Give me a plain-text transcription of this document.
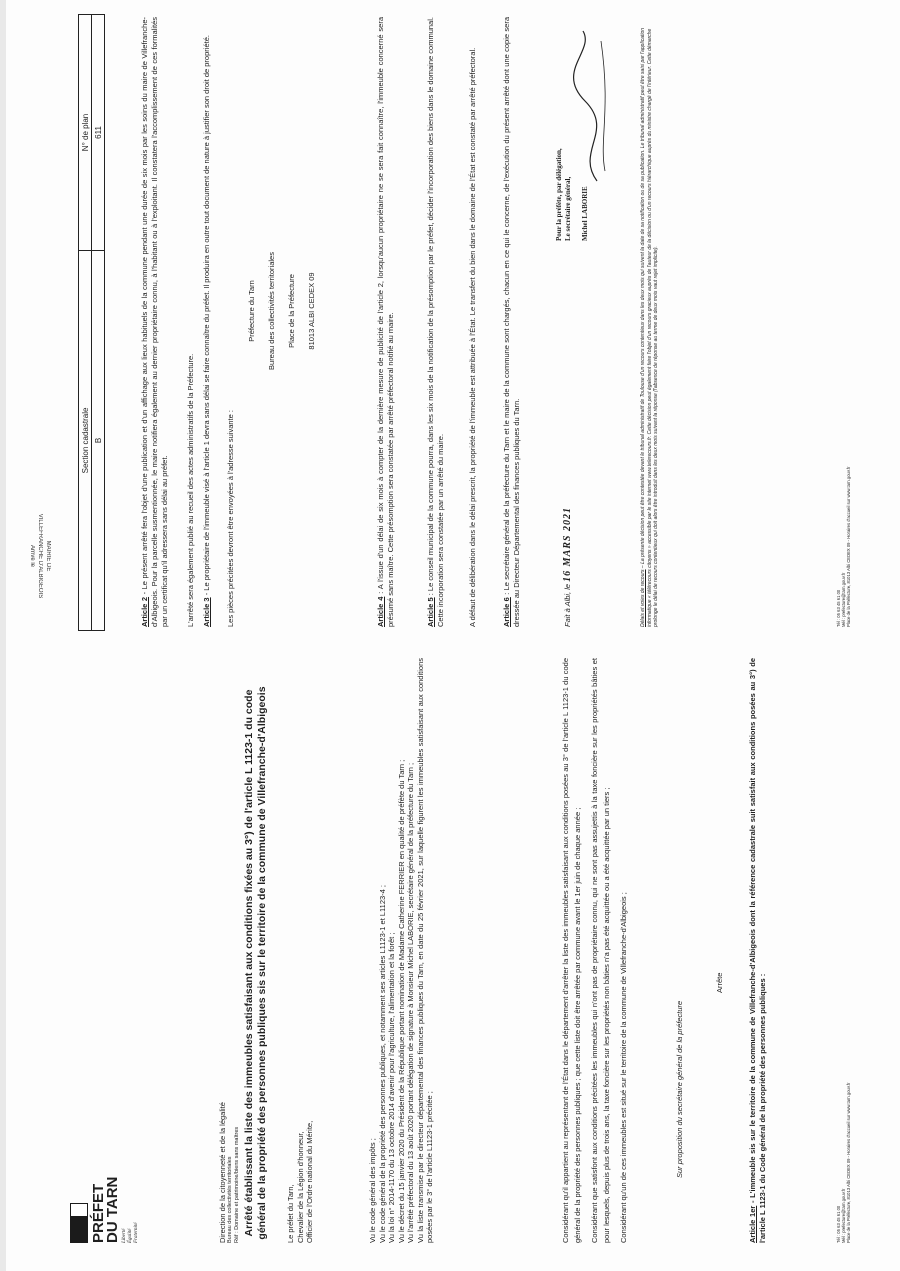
PRÉFET
DU TARN Liberté Égalité Fraternité	Direction de la citoyenneté et de la légalité Bureau des collectivités territoriales Réf : Domaine et patrimoine/biens sans maîtres Arrêté établissant la liste des immeubles satisfaisant aux conditions fixées au 3°) de l'article L 1123-1 du code général de la propriété des personnes publiques sis sur le territoire de la commune de Villefranche-d'Albigeois Le préfet du Tarn, Chevalier de la Légion d'honneur, Officier de l'Ordre national du Mérite,	Vu le code général des impôts ; Vu le code général de la propriété des personnes publiques, et notamment ses articles L1123-1 et L1123-4 ; Vu la loi n° 2014-1170 du 13 octobre 2014 d'avenir pour l'agriculture, l'alimentation et la forêt ; Vu le décret du 15 janvier 2020 du Président de la République portant nomination de Madame Catherine FERRIER en qualité de préfète du Tarn ; Vu l'arrêté préfectoral du 13 août 2020 portant délégation de signature à Monsieur Michel LABORIE, secrétaire général de la préfecture du Tarn ; Vu la liste transmise par le directeur départemental des finances publiques du Tarn, en date du 25 février 2021, sur laquelle figurent les immeubles satisfaisant aux conditions posées par le 3° de l'article L1123-1 précitée ;	Considérant qu'il appartient au représentant de l'État dans le département d'arrêter la liste des immeubles satisfaisant aux conditions posées au 3° de l'article L 1123-1 du code général de la propriété des personnes publiques ; que cette liste doit être arrêtée par commune avant le 1er juin de chaque année ; Considérant que satisfont aux conditions précitées les immeubles qui n'ont pas de propriétaire connu, qui ne sont pas assujettis à la taxe foncière sur les propriétés bâties et pour lesquels, depuis plus de trois ans, la taxe foncière sur les propriétés non bâties n'a pas été acquittée ou a été acquittée par un tiers ; Considérant qu'un de ces immeubles est situé sur le territoire de la commune de Villefranche-d'Albigeois ;	Sur proposition du secrétaire général de la préfecture
Arrête
Article 1er - L'immeuble sis sur le territoire de la commune de Villefranche-d'Albigeois dont la référence cadastrale suit satisfait aux conditions posées au 3°) de l'article L 1123-1 du Code général de la propriété des personnes publiques :	Tél : 05 63 45 61 00 Mél : prefecture@tarn.gouv.fr Place de la Préfecture, 81013 Albi CEDEX 09 - Horaires d'accueil sur www.tarn.gouv.fr
Arrivé le VILLEFRANCHE D'ALBIGEOIS MAIRIE DE
Section cadastrale	N° de plan
B	611
Article 2 - Le présent arrêté fera l'objet d'une publication et d'un affichage aux lieux habituels de la commune pendant une durée de six mois par les soins du maire de Villefranche-d'Albigeois. Pour la parcelle susmentionnée, le maire notifiera également au dernier propriétaire connu, à l'habitant ou à l'exploitant. Il constatera l'accomplissement de ces formalités par un certificat qu'il adressera sans délai au préfet. L'arrêté sera également publié au recueil des actes administratifs de la Préfecture. Article 3 - Le propriétaire de l'immeuble visé à l'article 1 devra sans délai se faire connaître du préfet. Il produira en outre tout document de nature à justifier son droit de propriété. Les pièces précitées devront être envoyées à l'adresse suivante :

Préfecture du Tarn Bureau des collectivités territoriales Place de la Préfecture 81013 ALBI CEDEX 09

Article 4 : A l'issue d'un délai de six mois à compter de la dernière mesure de publicité de l'article 2, lorsqu'aucun propriétaire ne se sera fait connaître, l'immeuble concerné sera présumé sans maître. Cette présomption sera constatée par arrêté préfectoral notifié au maire.	Article 5 : Le conseil municipal de la commune pourra, dans les six mois de la notification de la présomption par le préfet, décider l'incorporation des biens dans le domaine communal. Cette incorporation sera constatée par un arrêté du maire.	A défaut de délibération dans le délai prescrit, la propriété de l'immeuble est attribuée à l'État. Le transfert du bien dans le domaine de l'État est constaté par arrêté préfectoral.	Article 6 : Le secrétaire général de la préfecture du Tarn et le maire de la commune sont chargés, chacun en ce qui le concerne, de l'exécution du présent arrêté dont une copie sera dressée au Directeur Départemental des finances publiques du Tarn.	Fait à Albi, le 16 MARS 2021
Pour la préfète, par délégation, Le secrétaire général, Michel LABORIE
Délais et voies de recours – La présente décision peut être contestée devant le tribunal administratif de Toulouse d'un recours contentieux dans les deux mois qui suivent la date de sa notification ou de sa publication. Le tribunal administratif peut être saisi par l'application informatique « télérecours citoyens » accessible par le site internet www.telerecours.fr. Cette décision peut également faire l'objet d'un recours gracieux auprès de l'auteur de la décision ou d'un recours hiérarchique auprès du ministre chargé de l'intérieur. Cette démarche prolonge le délai de recours contentieux qui doit alors être introduit dans les deux mois suivant la réponse (l'absence de réponse au terme de deux mois vaut rejet implicite).	Tél : 05 63 45 61 00 Mél : prefecture@tarn.gouv.fr Place de la Préfecture, 81013 Albi CEDEX 09 - Horaires d'accueil sur www.tarn.gouv.fr
